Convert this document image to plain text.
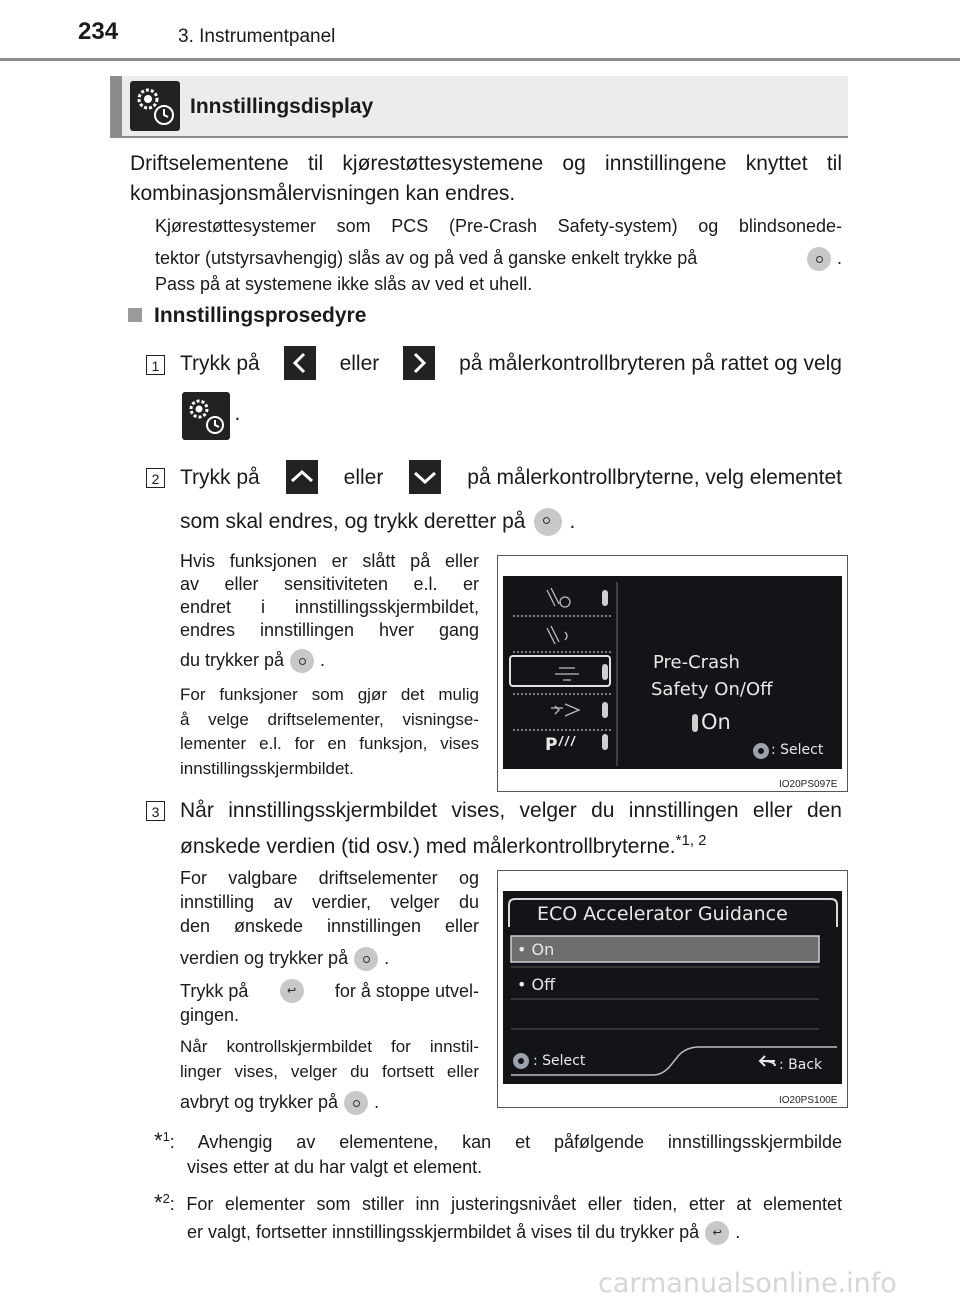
234	3. Instrumentpanel
Innstillingsdisplay
Driftselementene til kjørestøttesystemene og innstillingene knyttet til
kombinasjonsmålervisningen kan endres.
Kjørestøttesystemer som PCS (Pre-Crash Safety-system) og blindsonede-
tektor (utstyrsavhengig) slås av og på ved å ganske enkelt trykke på	.
Pass på at systemene ikke slås av ved et uhell.
Innstillingsprosedyre
1 Trykk på	eller	på målerkontrollbryteren på rattet og velg
.
2 Trykk på	eller	på målerkontrollbryterne, velg elementet
som skal endres, og trykk deretter på .
Hvis funksjonen er slått på eller
av eller sensitiviteten e.l. er
endret i innstillingsskjermbildet,
endres innstillingen hver gang
du trykker på .
For funksjoner som gjør det mulig
å velge driftselementer, visningse-
lementer e.l. for en funksjon, vises
innstillingsskjermbildet.
P
Pre-Crash
Safety On/Off
On
: Select
IO20PS097E
3 Når innstillingsskjermbildet vises, velger du innstillingen eller den
ønskede verdien (tid osv.) med målerkontrollbryterne.$^{*1, 2}$
For valgbare driftselementer og
innstilling av verdier, velger du
den ønskede innstillingen eller
verdien og trykker på .
Trykk på	↩	for å stoppe utvel-
gingen.
Når kontrollskjermbildet for innstil-
linger vises, velger du fortsett eller
avbryt og trykker på .
ECO Accelerator Guidance
• On
• Off
: Select	: Back
IO20PS100E
*$^1$: Avhengig av elementene, kan et påfølgende innstillingsskjermbilde
vises etter at du har valgt et element.
*$^2$: For elementer som stiller inn justeringsnivået eller tiden, etter at elementet
er valgt, fortsetter innstillingsskjermbildet å vises til du trykker på ↩ .
carmanualsonline.info
